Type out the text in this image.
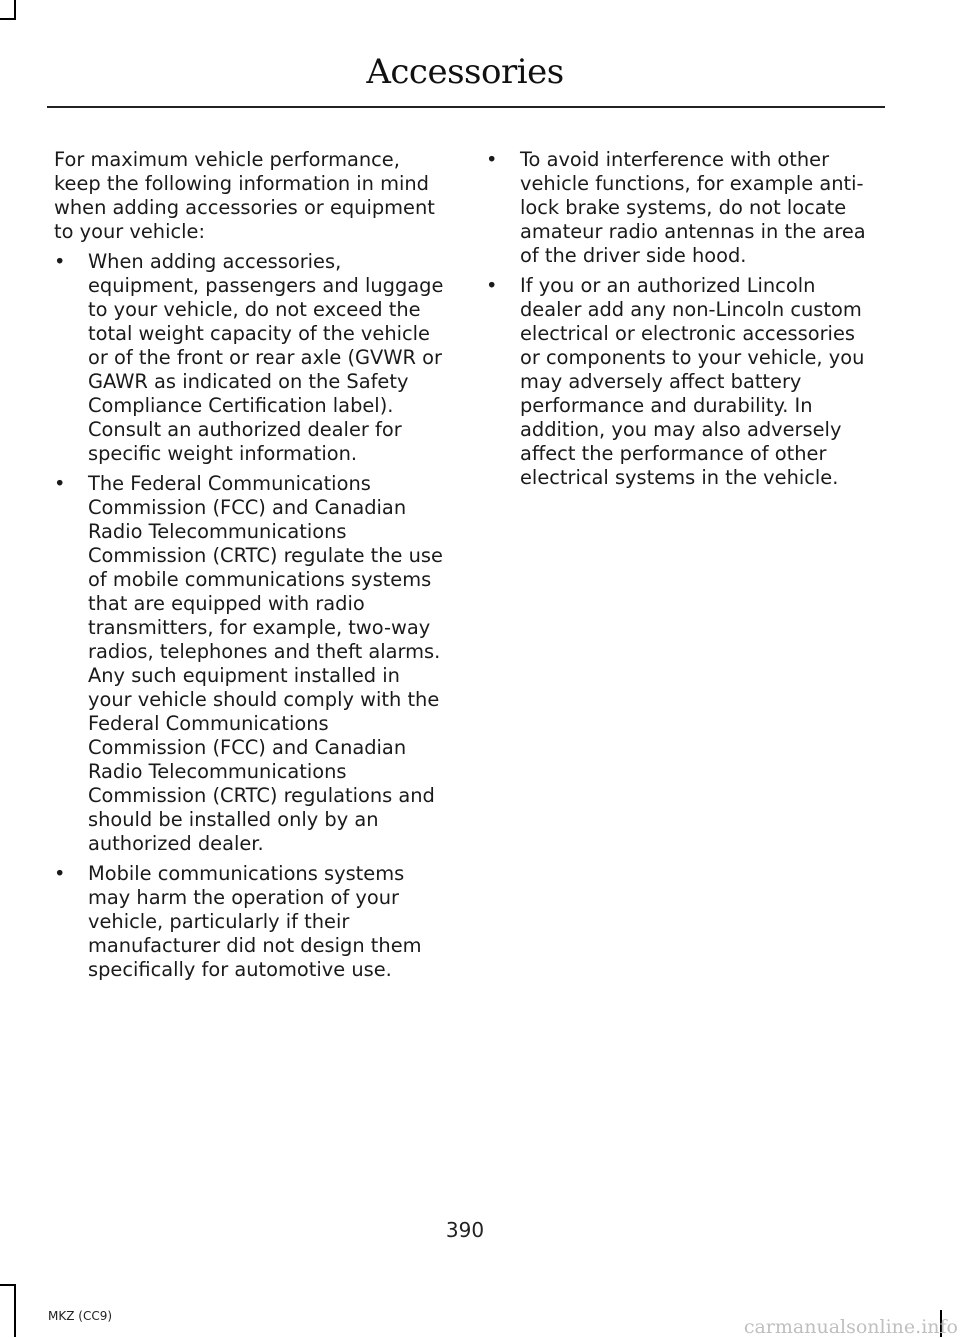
Accessories

For maximum vehicle performance, keep the following information in mind when adding accessories or equipment to your vehicle:

•	When adding accessories, equipment, passengers and luggage to your vehicle, do not exceed the total weight capacity of the vehicle or of the front or rear axle (GVWR or GAWR as indicated on the Safety Compliance Certification label). Consult an authorized dealer for specific weight information.
•	The Federal Communications Commission (FCC) and Canadian Radio Telecommunications Commission (CRTC) regulate the use of mobile communications systems that are equipped with radio transmitters, for example, two-way radios, telephones and theft alarms. Any such equipment installed in your vehicle should comply with the Federal Communications Commission (FCC) and Canadian Radio Telecommunications Commission (CRTC) regulations and should be installed only by an authorized dealer.
•	Mobile communications systems may harm the operation of your vehicle, particularly if their manufacturer did not design them specifically for automotive use.
•	To avoid interference with other vehicle functions, for example anti-lock brake systems, do not locate amateur radio antennas in the area of the driver side hood.
•	If you or an authorized Lincoln dealer add any non-Lincoln custom electrical or electronic accessories or components to your vehicle, you may adversely affect battery performance and durability. In addition, you may also adversely affect the performance of other electrical systems in the vehicle.
390
MKZ (CC9)	carmanualsonline.info
